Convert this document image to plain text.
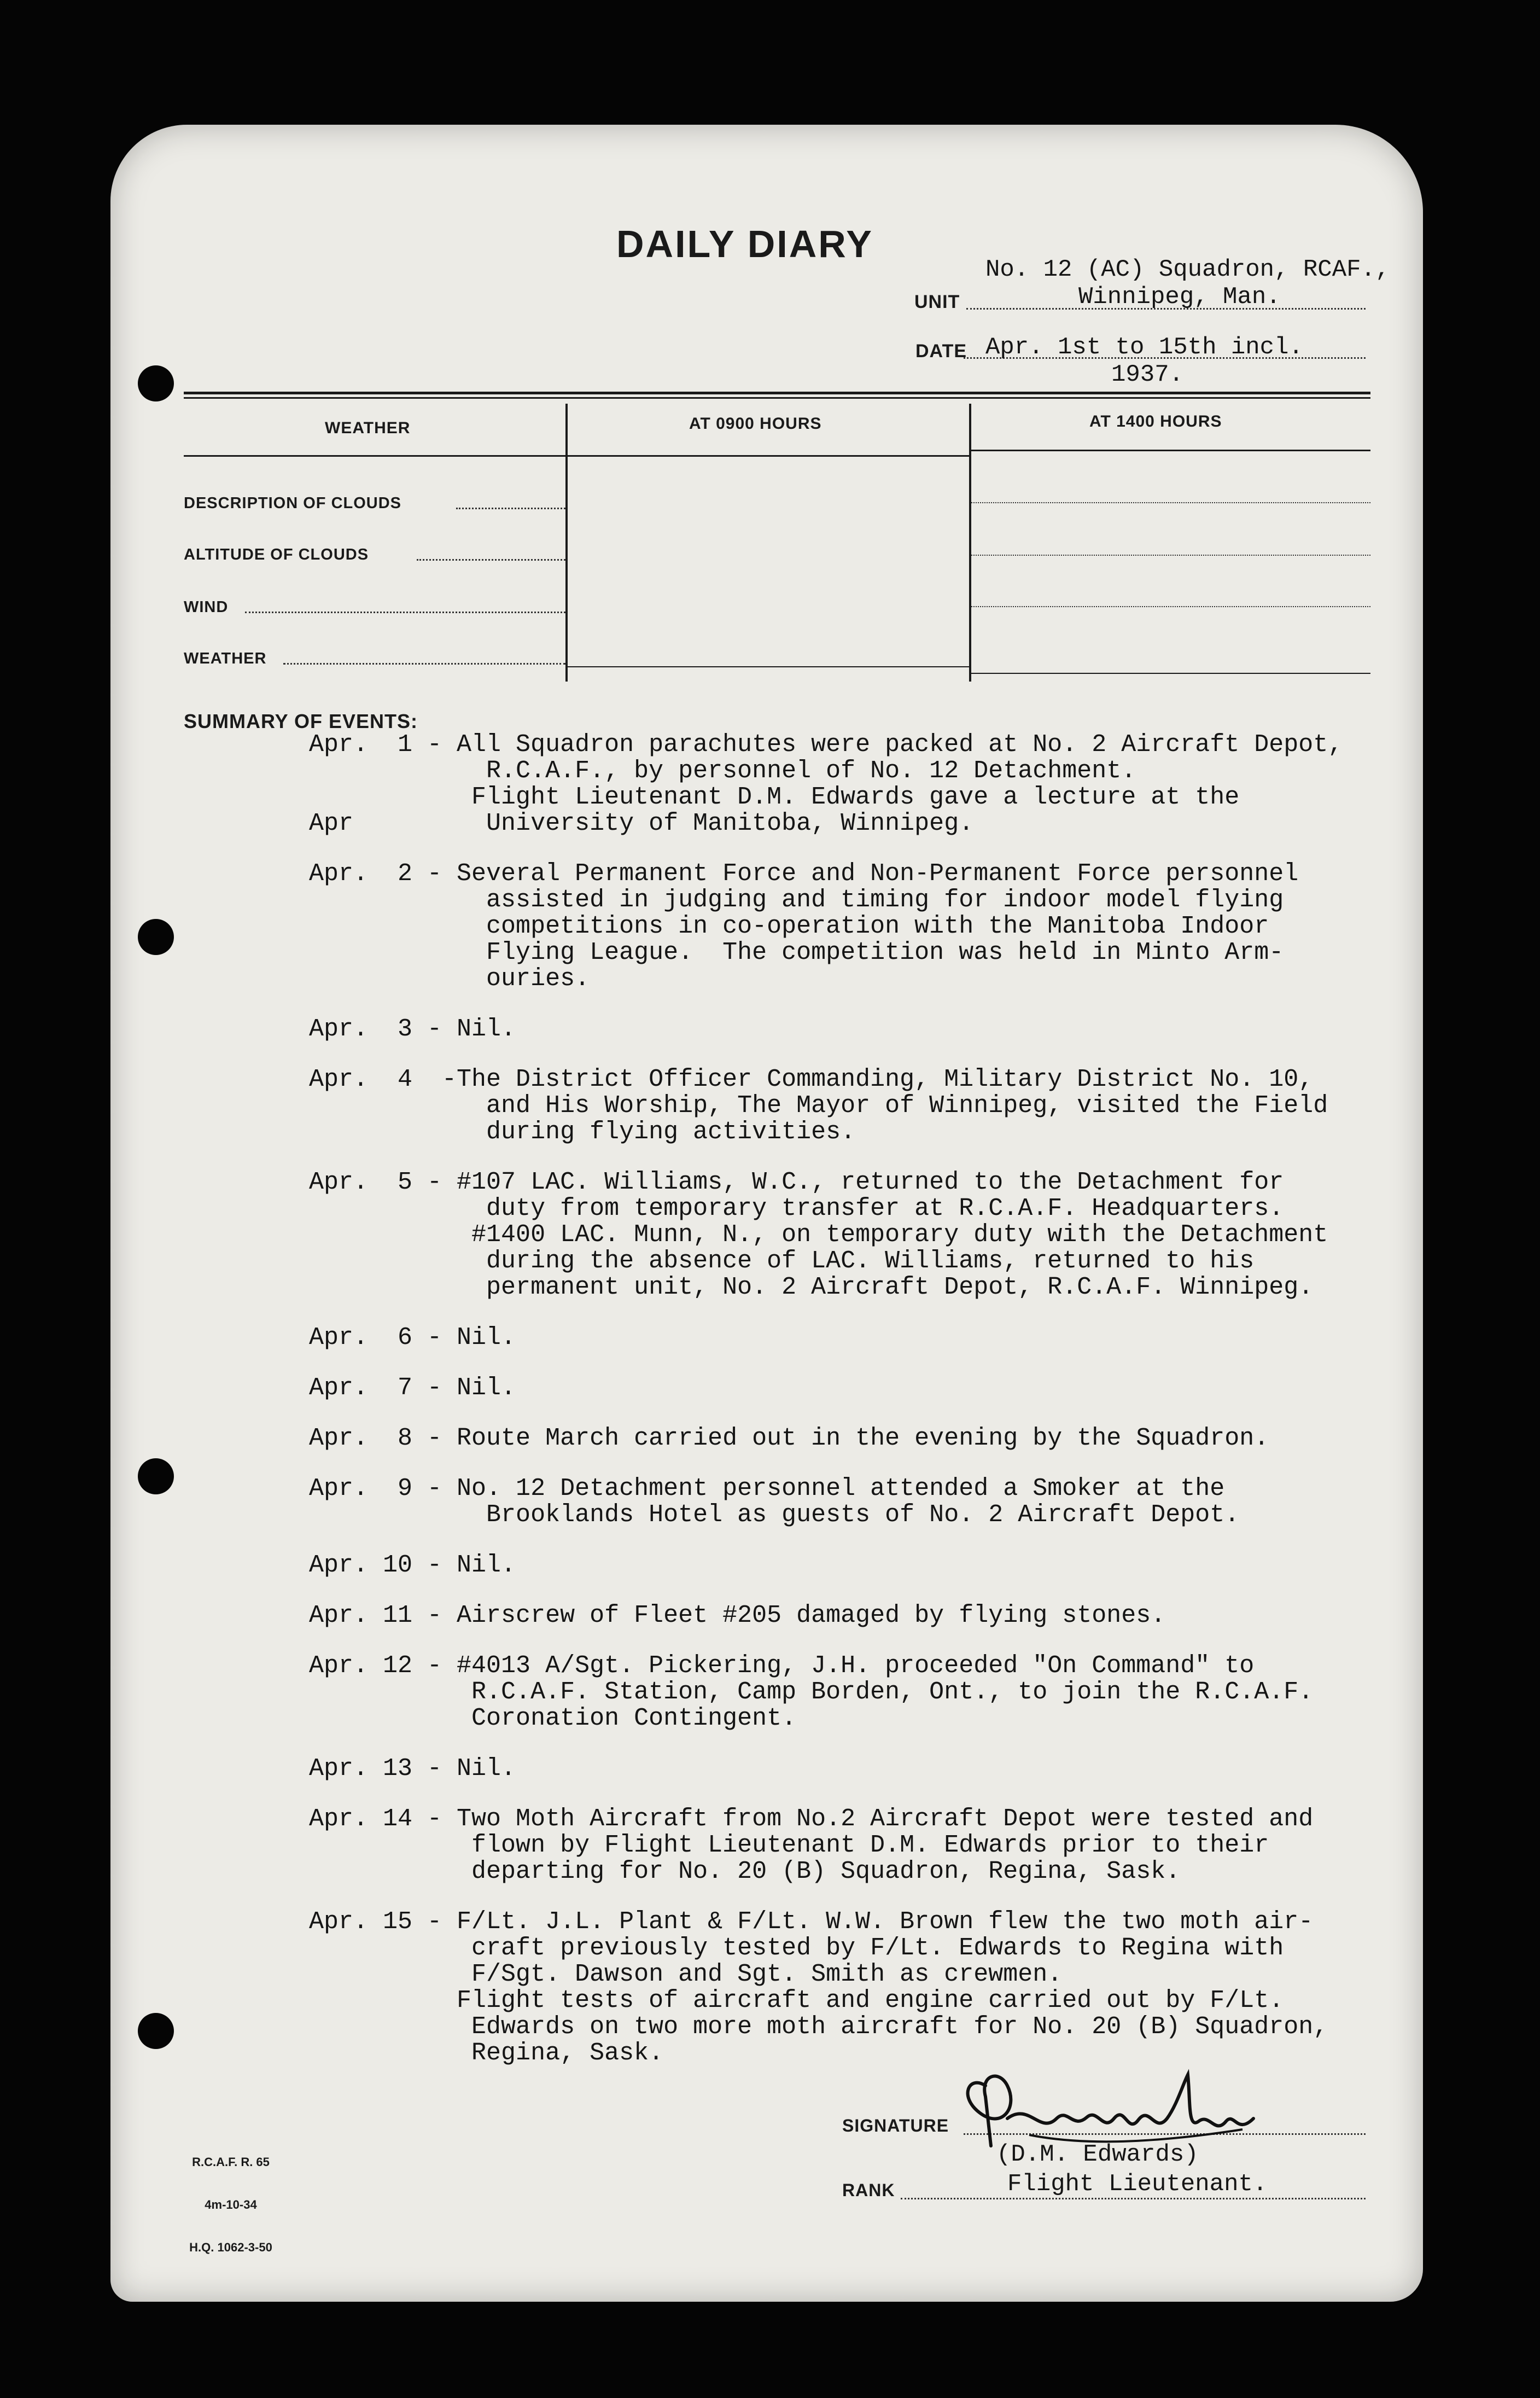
DAILY DIARY
No. 12 (AC) Squadron, RCAF.,
UNIT	Winnipeg, Man.
DATE Apr. 1st to 15th incl.
1937.
WEATHER	AT 0900 HOURS	AT 1400 HOURS
DESCRIPTION OF CLOUDS
ALTITUDE OF CLOUDS
WIND
WEATHER
SUMMARY OF EVENTS:
Apr.  1 - All Squadron parachutes were packed at No. 2 Aircraft Depot,
R.C.A.F., by personnel of No. 12 Detachment.
Flight Lieutenant D.M. Edwards gave a lecture at the
Apr         University of Manitoba, Winnipeg.
Apr.  2 - Several Permanent Force and Non-Permanent Force personnel
assisted in judging and timing for indoor model flying
competitions in co-operation with the Manitoba Indoor
Flying League.  The competition was held in Minto Arm-
ouries.
Apr.  3 - Nil.
Apr.  4  -The District Officer Commanding, Military District No. 10,
and His Worship, The Mayor of Winnipeg, visited the Field
during flying activities.
Apr.  5 - #107 LAC. Williams, W.C., returned to the Detachment for
duty from temporary transfer at R.C.A.F. Headquarters.
#1400 LAC. Munn, N., on temporary duty with the Detachment
during the absence of LAC. Williams, returned to his
permanent unit, No. 2 Aircraft Depot, R.C.A.F. Winnipeg.
Apr.  6 - Nil.
Apr.  7 - Nil.
Apr.  8 - Route March carried out in the evening by the Squadron.
Apr.  9 - No. 12 Detachment personnel attended a Smoker at the
Brooklands Hotel as guests of No. 2 Aircraft Depot.
Apr. 10 - Nil.
Apr. 11 - Airscrew of Fleet #205 damaged by flying stones.
Apr. 12 - #4013 A/Sgt. Pickering, J.H. proceeded "On Command" to
R.C.A.F. Station, Camp Borden, Ont., to join the R.C.A.F.
Coronation Contingent.
Apr. 13 - Nil.
Apr. 14 - Two Moth Aircraft from No.2 Aircraft Depot were tested and
flown by Flight Lieutenant D.M. Edwards prior to their
departing for No. 20 (B) Squadron, Regina, Sask.
Apr. 15 - F/Lt. J.L. Plant & F/Lt. W.W. Brown flew the two moth air-
craft previously tested by F/Lt. Edwards to Regina with
F/Sgt. Dawson and Sgt. Smith as crewmen.
Flight tests of aircraft and engine carried out by F/Lt.
Edwards on two more moth aircraft for No. 20 (B) Squadron,
Regina, Sask.

R.C.A.F. R. 65

4m-10-34

H.Q. 1062-3-50

SIGNATURE
(D.M. Edwards)
RANK	Flight Lieutenant.
